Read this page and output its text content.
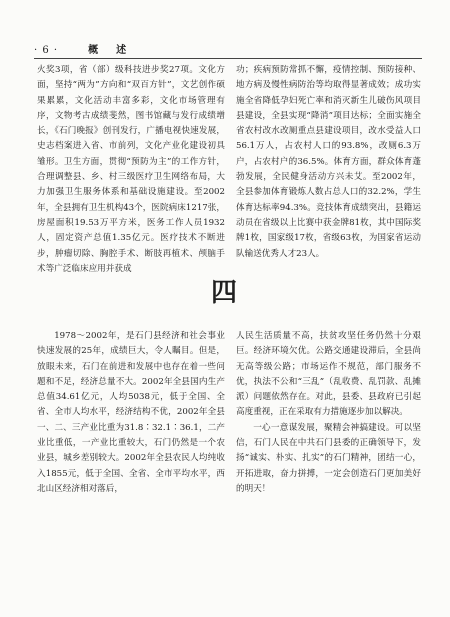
· 6 ·	概　述

火奖3项，省（部）级科技进步奖27项。文化方面，坚持“两为”方向和“双百方针”，文艺创作硕果累累，文化活动丰富多彩，文化市场管理有序，文物考古成绩斐然，图书馆藏与发行成绩增长，《石门晚报》创刊发行，广播电视快速发展，史志档案进入省、市前列，文化产业化建设初具雏形。卫生方面，贯彻“预防为主”的工作方针，合理调整县、乡、村三级医疗卫生网络布局，大力加强卫生服务体系和基础设施建设。至2002年，全县拥有卫生机构43个，医院病床1217张，房屋面积19.53万平方米，医务工作人员1932人，固定资产总值1.35亿元。医疗技术不断进步，肿瘤切除、胸腔手术、断肢再植术、颅脑手术等广泛临床应用并获成

功；疾病预防常抓不懈，疫情控制、预防接种、地方病及慢性病防治等均取得显著成效；成功实施全省降低孕妇死亡率和消灭新生儿破伤风项目县建设，全县实现“降消”项目达标；全面实施全省农村改水改厕重点县建设项目，改水受益人口56.1万人，占农村人口的93.8%，改厕6.3万户，占农村户的36.5%。体育方面，群众体育蓬勃发展，全民健身活动方兴未艾。至2002年，全县参加体育锻炼人数占总人口的32.2%，学生体育达标率94.3%。竞技体育成绩突出，县籍运动员在省级以上比赛中获金牌81枚，其中国际奖牌1枚，国家级17枚，省级63枚，为国家省运动队输送优秀人才23人。

四

1978～2002年，是石门县经济和社会事业快速发展的25年，成绩巨大，令人瞩目。但是，放眼未来，石门在前进和发展中也存在着一些问题和不足，经济总量不大。2002年全县国内生产总值34.61亿元，人均5038元，低于全国、全省、全市人均水平，经济结构不优，2002年全县一、二、三产业比重为31.8∶32.1∶36.1，二产业比重低，一产业比重较大，石门仍然是一个农业县，城乡差别较大。2002年全县农民人均纯收入1855元，低于全国、全省、全市平均水平，西北山区经济相对落后，

人民生活质量不高，扶贫攻坚任务仍然十分艰巨。经济环境欠优。公路交通建设滞后，全县尚无高等级公路；市场运作不规范，部门服务不优，执法不公和“三乱”（乱收费、乱罚款、乱摊派）问题依然存在。对此，县委、县政府已引起高度重视，正在采取有力措施逐步加以解决。

一心一意谋发展，聚精会神搞建设。可以坚信，石门人民在中共石门县委的正确领导下，发扬“诚实、朴实、扎实”的石门精神，团结一心，开拓进取，奋力拼搏，一定会创造石门更加美好的明天！
